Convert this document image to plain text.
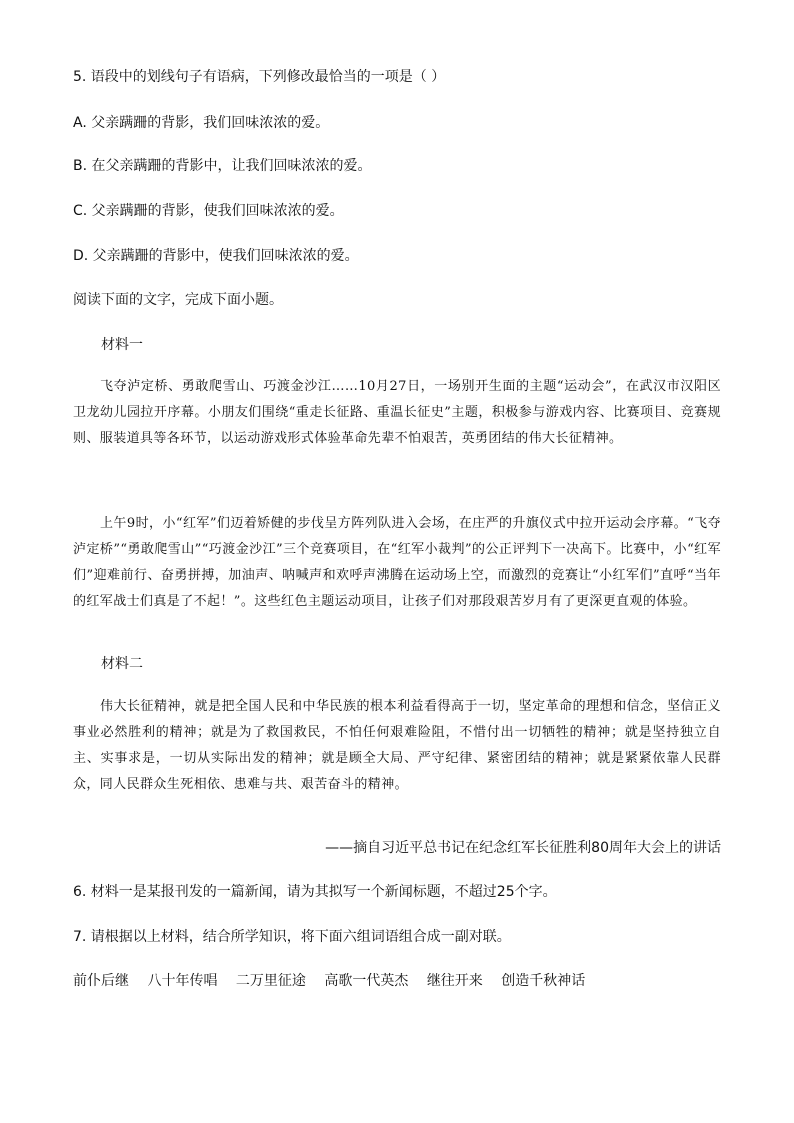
5. 语段中的划线句子有语病，下列修改最恰当的一项是（ ）
A. 父亲蹒跚的背影，我们回味浓浓的爱。
B. 在父亲蹒跚的背影中，让我们回味浓浓的爱。
C. 父亲蹒跚的背影，使我们回味浓浓的爱。
D. 父亲蹒跚的背影中，使我们回味浓浓的爱。
阅读下面的文字，完成下面小题。
材料一
飞夺泸定桥、勇敢爬雪山、巧渡金沙江……10月27日，一场别开生面的主题“运动会”，在武汉市汉阳区卫龙幼儿园拉开序幕。小朋友们围绕“重走长征路、重温长征史”主题，积极参与游戏内容、比赛项目、竞赛规则、服装道具等各环节，以运动游戏形式体验革命先辈不怕艰苦，英勇团结的伟大长征精神。
上午9时，小“红军”们迈着矫健的步伐呈方阵列队进入会场，在庄严的升旗仪式中拉开运动会序幕。“飞夺泸定桥”“勇敢爬雪山”“巧渡金沙江”三个竞赛项目，在“红军小裁判”的公正评判下一决高下。比赛中，小“红军们”迎难前行、奋勇拼搏，加油声、呐喊声和欢呼声沸腾在运动场上空，而激烈的竞赛让“小红军们”直呼“当年的红军战士们真是了不起！”。这些红色主题运动项目，让孩子们对那段艰苦岁月有了更深更直观的体验。
材料二
伟大长征精神，就是把全国人民和中华民族的根本利益看得高于一切，坚定革命的理想和信念，坚信正义事业必然胜利的精神；就是为了救国救民，不怕任何艰难险阻，不惜付出一切牺牲的精神；就是坚持独立自主、实事求是，一切从实际出发的精神；就是顾全大局、严守纪律、紧密团结的精神；就是紧紧依靠人民群众，同人民群众生死相依、患难与共、艰苦奋斗的精神。
——摘自习近平总书记在纪念红军长征胜利80周年大会上的讲话
6. 材料一是某报刊发的一篇新闻，请为其拟写一个新闻标题，不超过25个字。
7. 请根据以上材料，结合所学知识，将下面六组词语组合成一副对联。
前仆后继 八十年传唱 二万里征途 高歌一代英杰 继往开来 创造千秋神话
